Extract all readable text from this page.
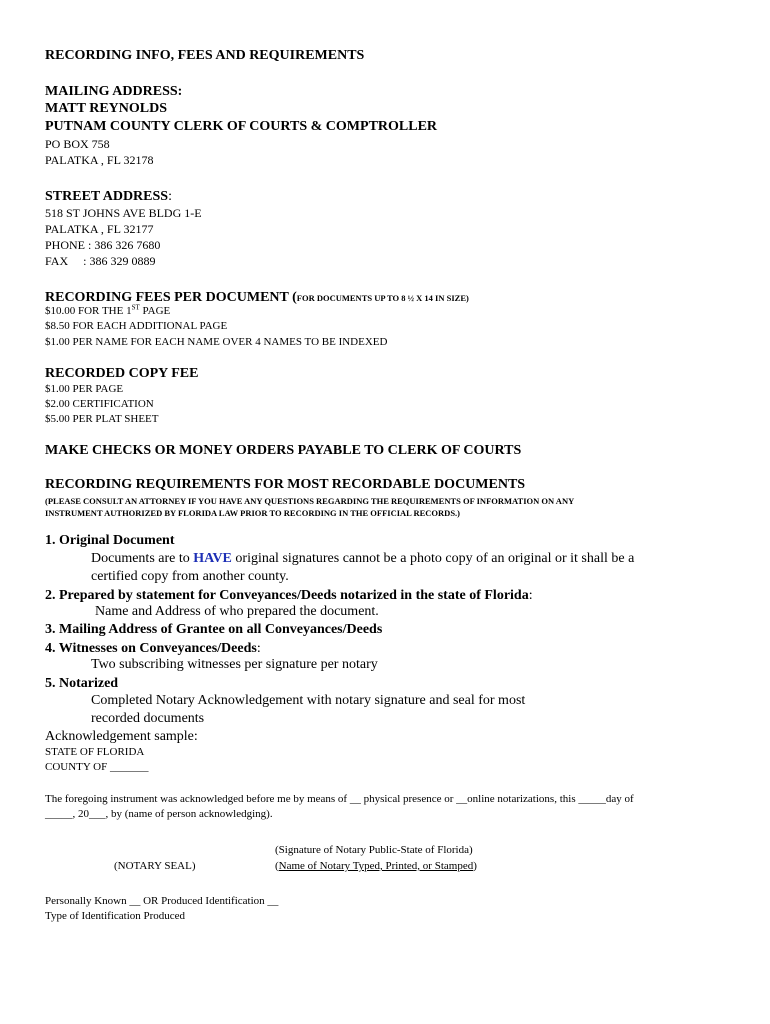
RECORDING INFO, FEES AND REQUIREMENTS
MAILING ADDRESS:
MATT REYNOLDS
PUTNAM COUNTY CLERK OF COURTS & COMPTROLLER
PO BOX 758
PALATKA , FL 32178
STREET ADDRESS:
518 ST JOHNS AVE BLDG 1-E
PALATKA , FL 32177
PHONE : 386 326 7680
FAX : 386 329 0889
RECORDING FEES PER DOCUMENT (FOR DOCUMENTS UP TO 8 ½ X 14 IN SIZE)
$10.00 FOR THE 1ST PAGE
$8.50 FOR EACH ADDITIONAL PAGE
$1.00 PER NAME FOR EACH NAME OVER 4 NAMES TO BE INDEXED
RECORDED COPY FEE
$1.00 PER PAGE
$2.00 CERTIFICATION
$5.00 PER PLAT SHEET
MAKE CHECKS OR MONEY ORDERS PAYABLE TO CLERK OF COURTS
RECORDING REQUIREMENTS FOR MOST RECORDABLE DOCUMENTS
(PLEASE CONSULT AN ATTORNEY IF YOU HAVE ANY QUESTIONS REGARDING THE REQUIREMENTS OF INFORMATION ON ANY
INSTRUMENT AUTHORIZED BY FLORIDA LAW PRIOR TO RECORDING IN THE OFFICIAL RECORDS.)
1. Original Document
Documents are to HAVE original signatures cannot be a photo copy of an original or it shall be a
certified copy from another county.
2. Prepared by statement for Conveyances/Deeds notarized in the state of Florida:
Name and Address of who prepared the document.
3. Mailing Address of Grantee on all Conveyances/Deeds
4. Witnesses on Conveyances/Deeds:
Two subscribing witnesses per signature per notary
5. Notarized
Completed Notary Acknowledgement with notary signature and seal for most
recorded documents
Acknowledgement sample:
STATE OF FLORIDA
COUNTY OF _______
The foregoing instrument was acknowledged before me by means of __ physical presence or __online notarizations, this _____day of
_____, 20___, by (name of person acknowledging).
(Signature of Notary Public-State of Florida)
(Name of Notary Typed, Printed, or Stamped)
(NOTARY SEAL)
Personally Known __ OR Produced Identification __
Type of Identification Produced
